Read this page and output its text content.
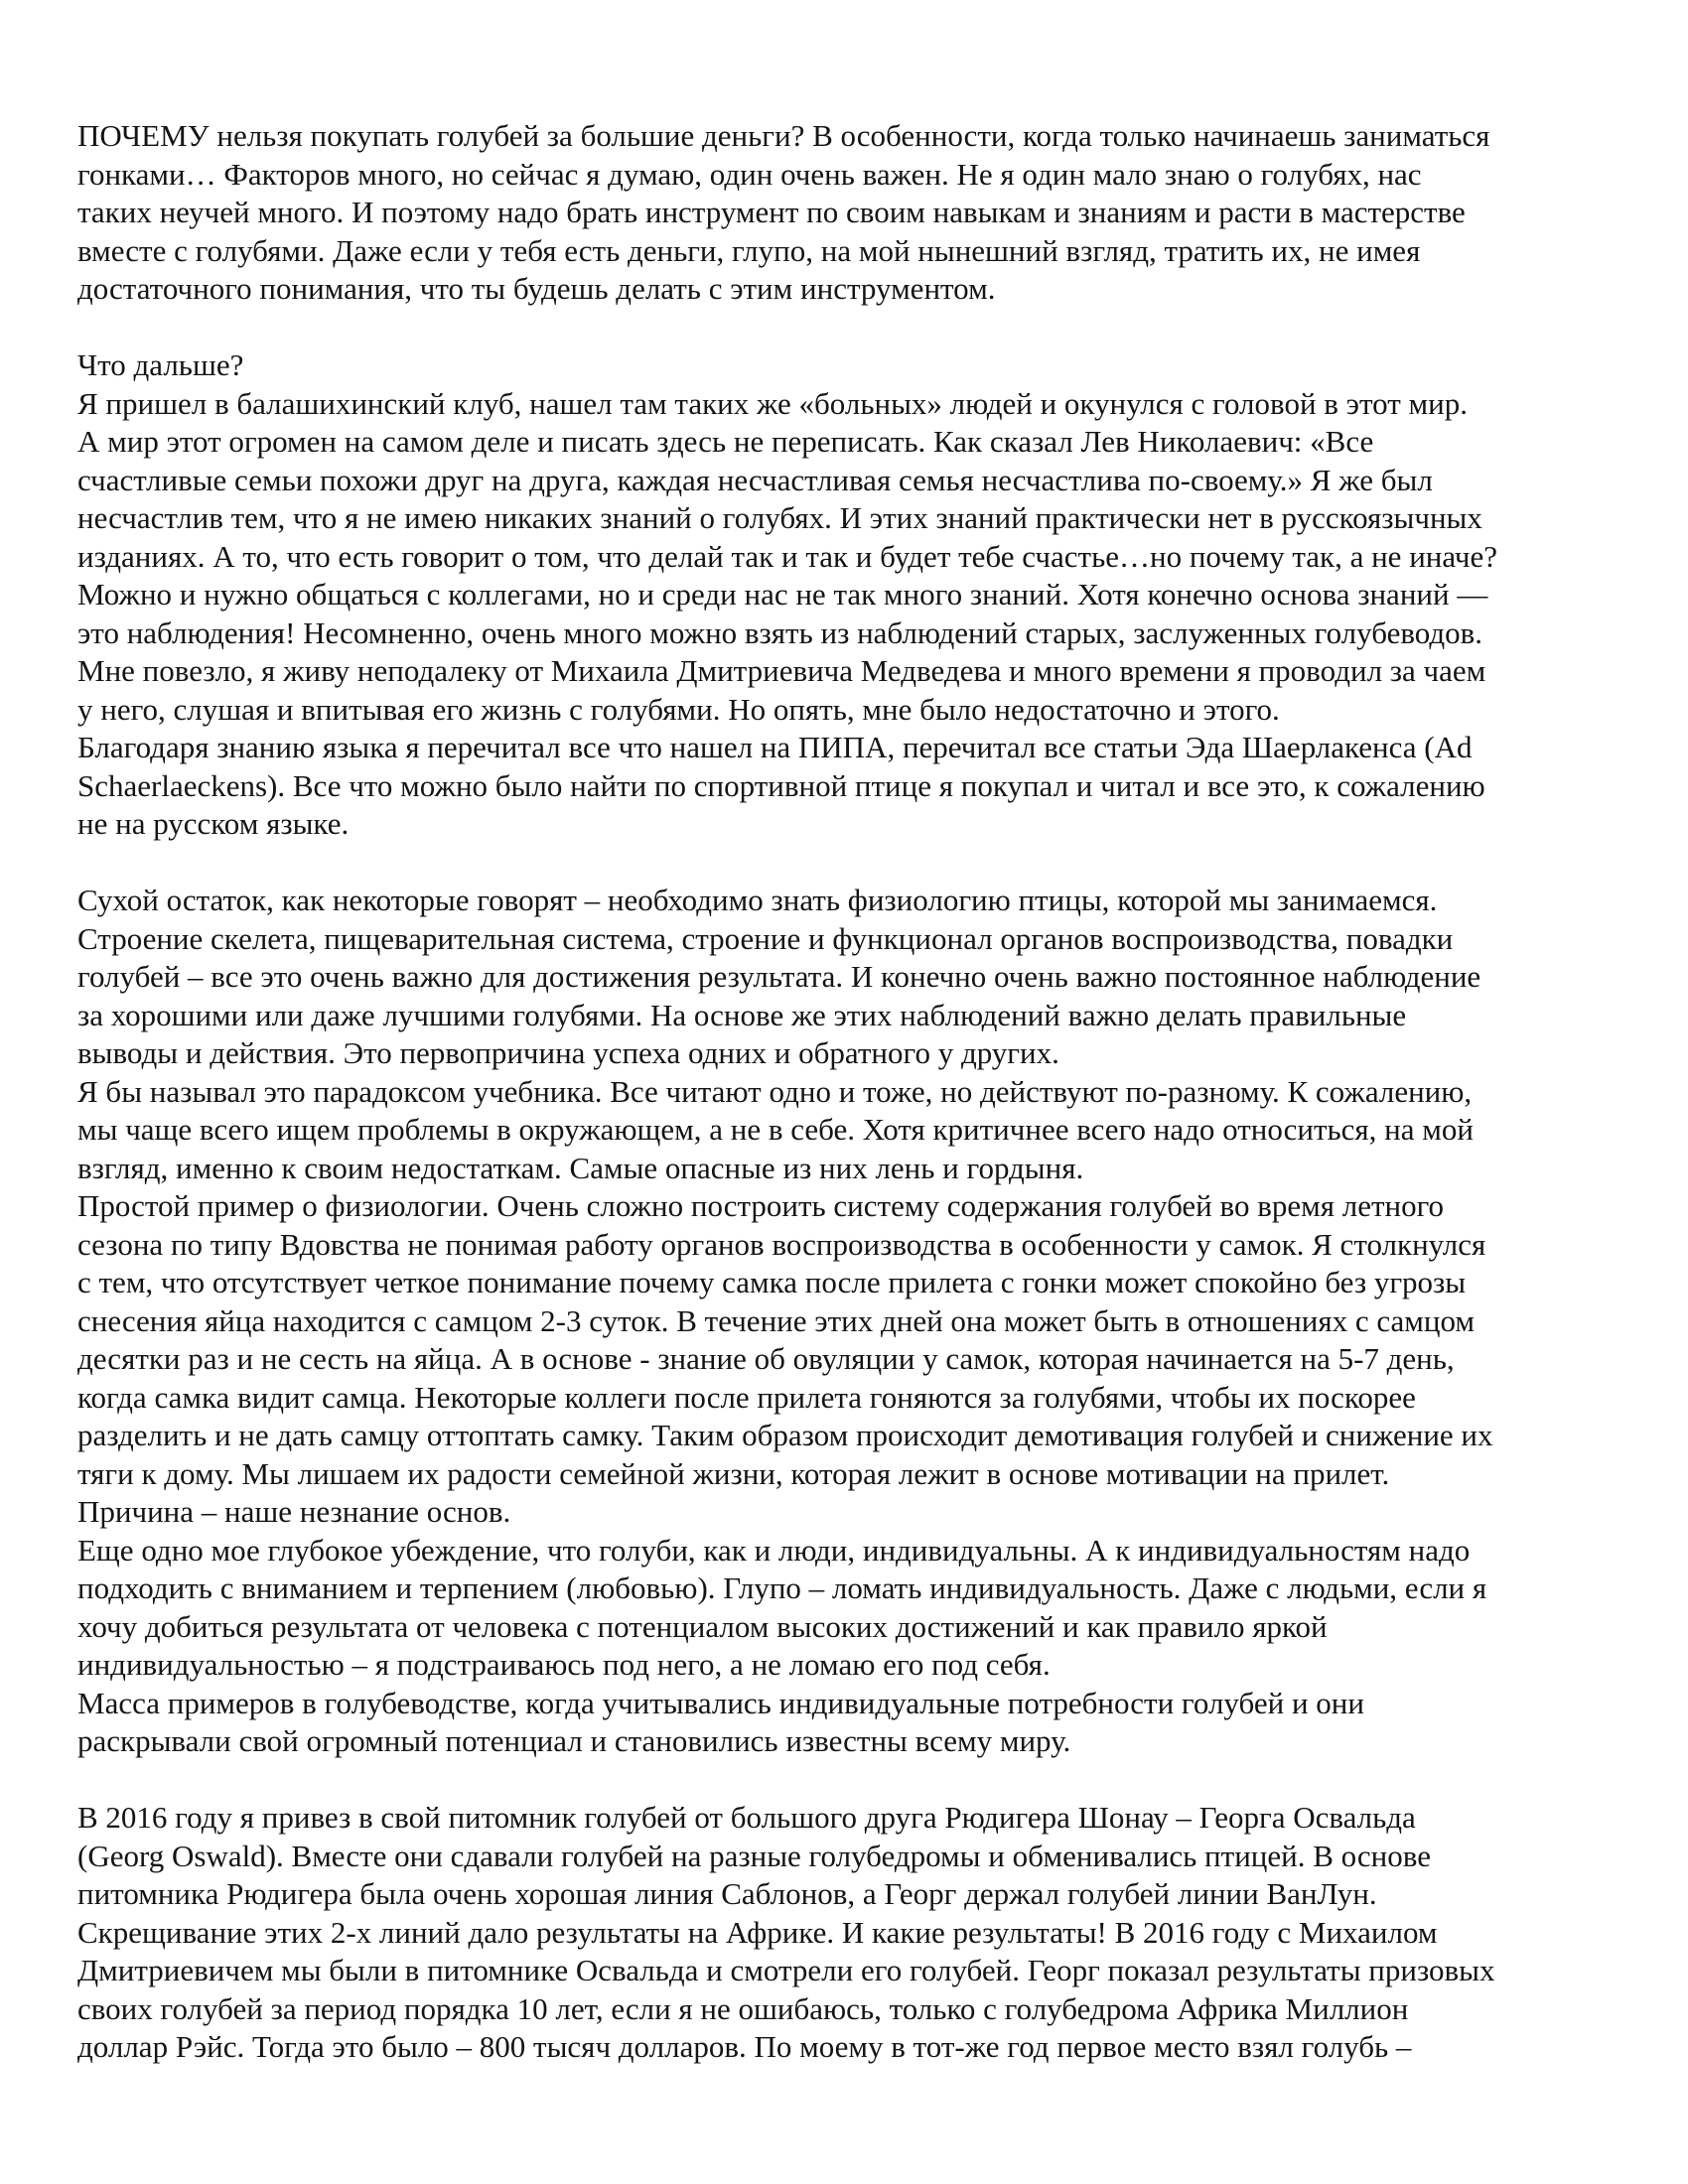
ПОЧЕМУ нельзя покупать голубей за большие деньги? В особенности, когда только начинаешь заниматься
гонками… Факторов много, но сейчас я думаю, один очень важен. Не я один мало знаю о голубях, нас
таких неучей много. И поэтому надо брать инструмент по своим навыкам и знаниям и расти в мастерстве
вместе с голубями. Даже если у тебя есть деньги, глупо, на мой нынешний взгляд, тратить их, не имея
достаточного понимания, что ты будешь делать с этим инструментом.
Что дальше?
Я пришел в балашихинский клуб, нашел там таких же «больных» людей и окунулся с головой в этот мир.
А мир этот огромен на самом деле и писать здесь не переписать. Как сказал Лев Николаевич: «Все
счастливые семьи похожи друг на друга, каждая несчастливая семья несчастлива по-своему.» Я же был
несчастлив тем, что я не имею никаких знаний о голубях. И этих знаний практически нет в русскоязычных
изданиях. А то, что есть говорит о том, что делай так и так и будет тебе счастье…но почему так, а не иначе?
Можно и нужно общаться с коллегами, но и среди нас не так много знаний. Хотя конечно основа знаний —
это наблюдения! Несомненно, очень много можно взять из наблюдений старых, заслуженных голубеводов.
Мне повезло, я живу неподалеку от Михаила Дмитриевича Медведева и много времени я проводил за чаем
у него, слушая и впитывая его жизнь с голубями. Но опять, мне было недостаточно и этого.
Благодаря знанию языка я перечитал все что нашел на ПИПА, перечитал все статьи Эда Шаерлакенса (Ad
Schaerlaeckens). Все что можно было найти по спортивной птице я покупал и читал и все это, к сожалению
не на русском языке.
Сухой остаток, как некоторые говорят – необходимо знать физиологию птицы, которой мы занимаемся.
Строение скелета, пищеварительная система, строение и функционал органов воспроизводства, повадки
голубей – все это очень важно для достижения результата. И конечно очень важно постоянное наблюдение
за хорошими или даже лучшими голубями. На основе же этих наблюдений важно делать правильные
выводы и действия. Это первопричина успеха одних и обратного у других.
Я бы называл это парадоксом учебника. Все читают одно и тоже, но действуют по-разному. К сожалению,
мы чаще всего ищем проблемы в окружающем, а не в себе. Хотя критичнее всего надо относиться, на мой
взгляд, именно к своим недостаткам. Самые опасные из них лень и гордыня.
Простой пример о физиологии. Очень сложно построить систему содержания голубей во время летного
сезона по типу Вдовства не понимая работу органов воспроизводства в особенности у самок. Я столкнулся
с тем, что отсутствует четкое понимание почему самка после прилета с гонки может спокойно без угрозы
снесения яйца находится с самцом 2-3 суток. В течение этих дней она может быть в отношениях с самцом
десятки раз и не сесть на яйца. А в основе - знание об овуляции у самок, которая начинается на 5-7 день,
когда самка видит самца. Некоторые коллеги после прилета гоняются за голубями, чтобы их поскорее
разделить и не дать самцу оттоптать самку. Таким образом происходит демотивация голубей и снижение их
тяги к дому. Мы лишаем их радости семейной жизни, которая лежит в основе мотивации на прилет.
Причина – наше незнание основ.
Еще одно мое глубокое убеждение, что голуби, как и люди, индивидуальны. А к индивидуальностям надо
подходить с вниманием и терпением (любовью). Глупо – ломать индивидуальность. Даже с людьми, если я
хочу добиться результата от человека с потенциалом высоких достижений и как правило яркой
индивидуальностью – я подстраиваюсь под него, а не ломаю его под себя.
Масса примеров в голубеводстве, когда учитывались индивидуальные потребности голубей и они
раскрывали свой огромный потенциал и становились известны всему миру.
В 2016 году я привез в свой питомник голубей от большого друга Рюдигера Шонау – Георга Освальда
(Georg Oswald). Вместе они сдавали голубей на разные голубедромы и обменивались птицей. В основе
питомника Рюдигера была очень хорошая линия Саблонов, а Георг держал голубей линии ВанЛун.
Скрещивание этих 2-х линий дало результаты на Африке. И какие результаты! В 2016 году с Михаилом
Дмитриевичем мы были в питомнике Освальда и смотрели его голубей. Георг показал результаты призовых
своих голубей за период порядка 10 лет, если я не ошибаюсь, только с голубедрома Африка Миллион
доллар Рэйс. Тогда это было – 800 тысяч долларов. По моему в тот-же год первое место взял голубь –
